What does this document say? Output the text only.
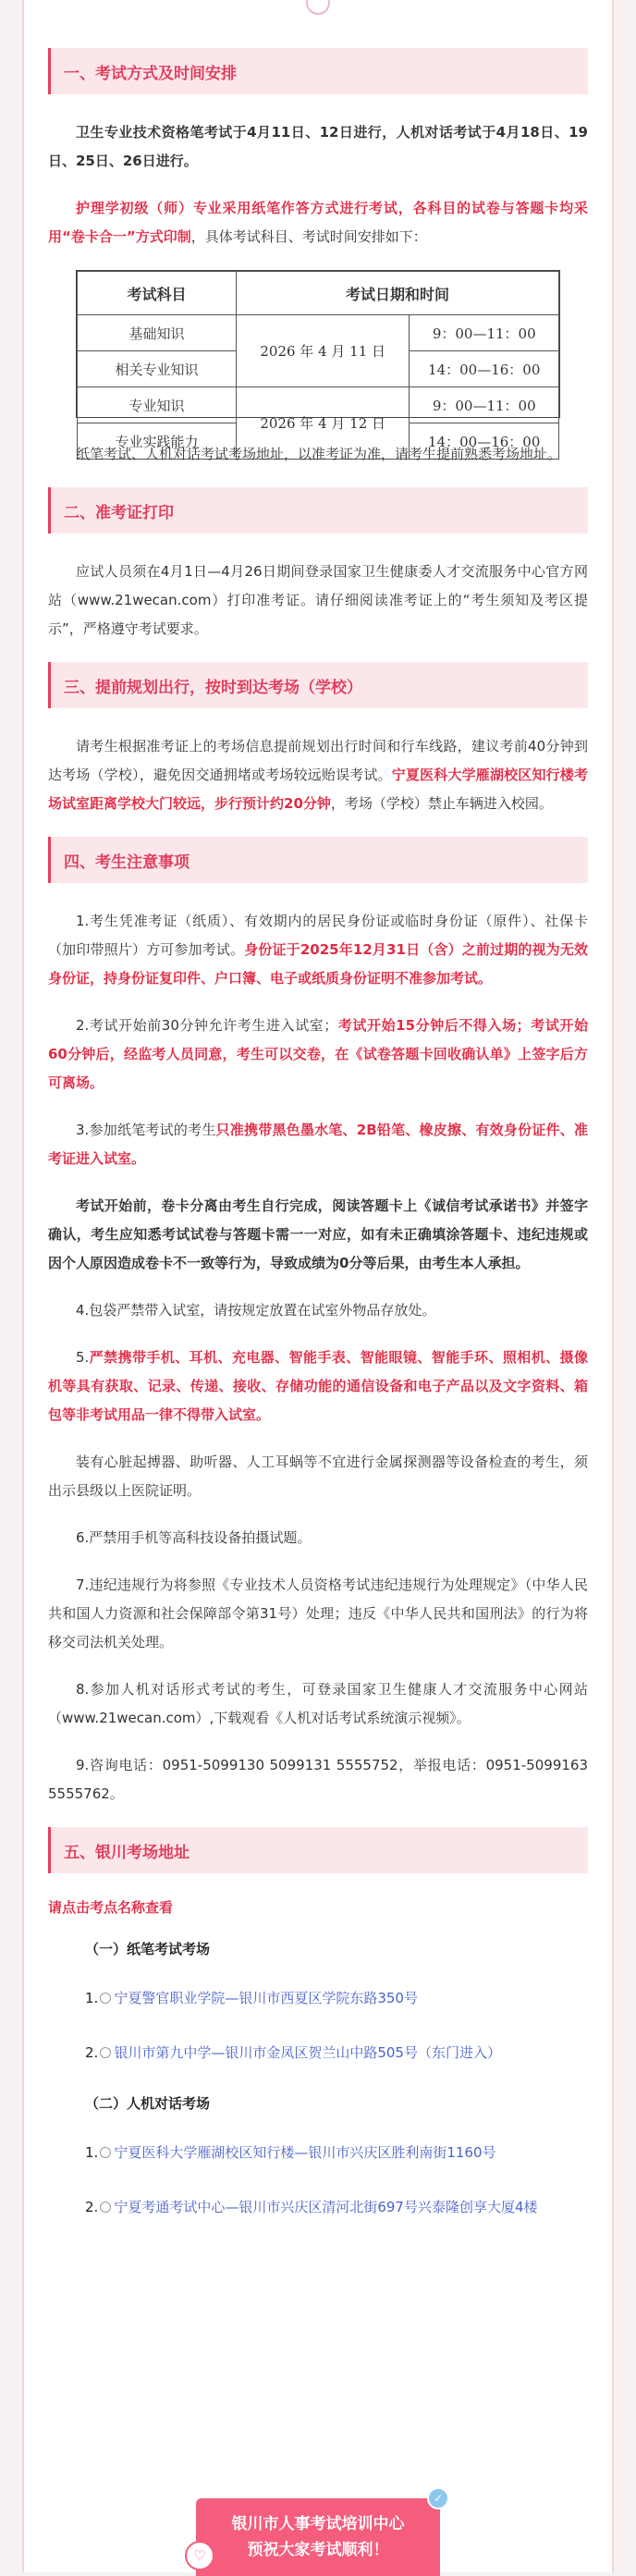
一、考试方式及时间安排

卫生专业技术资格笔考试于4月11日、12日进行，人机对话考试于4月18日、19日、25日、26日进行。

护理学初级（师）专业采用纸笔作答方式进行考试，各科目的试卷与答题卡均采用“卷卡合一”方式印制，具体考试科目、考试时间安排如下：

考试科目	考试日期和时间	
基础知识	2026 年 4 月 11 日	9：00—11：00
相关专业知识		14：00—16：00
专业知识	2026 年 4 月 12 日	9：00—11：00
专业实践能力		14：00—16：00

纸笔考试、人机对话考试考场地址，以准考证为准，请考生提前熟悉考场地址。

二、准考证打印

应试人员须在4月1日—4月26日期间登录国家卫生健康委人才交流服务中心官方网站（www.21wecan.com）打印准考证。请仔细阅读准考证上的“考生须知及考区提示”，严格遵守考试要求。

三、提前规划出行，按时到达考场（学校）

请考生根据准考证上的考场信息提前规划出行时间和行车线路，建议考前40分钟到达考场（学校），避免因交通拥堵或考场较远贻误考试。宁夏医科大学雁湖校区知行楼考场试室距离学校大门较远，步行预计约20分钟，考场（学校）禁止车辆进入校园。

四、考生注意事项

1.考生凭准考证（纸质）、有效期内的居民身份证或临时身份证（原件）、社保卡（加印带照片）方可参加考试。身份证于2025年12月31日（含）之前过期的视为无效身份证，持身份证复印件、户口簿、电子或纸质身份证明不准参加考试。

2.考试开始前30分钟允许考生进入试室；考试开始15分钟后不得入场；考试开始60分钟后，经监考人员同意，考生可以交卷，在《试卷答题卡回收确认单》上签字后方可离场。

3.参加纸笔考试的考生只准携带黑色墨水笔、2B铅笔、橡皮擦、有效身份证件、准考证进入试室。

考试开始前，卷卡分离由考生自行完成，阅读答题卡上《诚信考试承诺书》并签字确认，考生应知悉考试试卷与答题卡需一一对应，如有未正确填涂答题卡、违纪违规或因个人原因造成卷卡不一致等行为，导致成绩为0分等后果，由考生本人承担。

4.包袋严禁带入试室，请按规定放置在试室外物品存放处。

5.严禁携带手机、耳机、充电器、智能手表、智能眼镜、智能手环、照相机、摄像机等具有获取、记录、传递、接收、存储功能的通信设备和电子产品以及文字资料、箱包等非考试用品一律不得带入试室。

装有心脏起搏器、助听器、人工耳蜗等不宜进行金属探测器等设备检查的考生，须出示县级以上医院证明。

6.严禁用手机等高科技设备拍摄试题。

7.违纪违规行为将参照《专业技术人员资格考试违纪违规行为处理规定》（中华人民共和国人力资源和社会保障部令第31号）处理；违反《中华人民共和国刑法》的行为将移交司法机关处理。

8.参加人机对话形式考试的考生，可登录国家卫生健康人才交流服务中心网站（www.21wecan.com）,下载观看《人机对话考试系统演示视频》。

9.咨询电话：0951-5099130 5099131 5555752，举报电话：0951-5099163 5555762。

五、银川考场地址
请点击考点名称查看
（一）纸笔考试考场
1. 宁夏警官职业学院—银川市西夏区学院东路350号
2. 银川市第九中学—银川市金凤区贺兰山中路505号（东门进入）
（二）人机对话考场
1. 宁夏医科大学雁湖校区知行楼—银川市兴庆区胜利南街1160号
2. 宁夏考通考试中心—银川市兴庆区清河北街697号兴泰隆创享大厦4楼
✓
♡
银川市人事考试培训中心
预祝大家考试顺利！
